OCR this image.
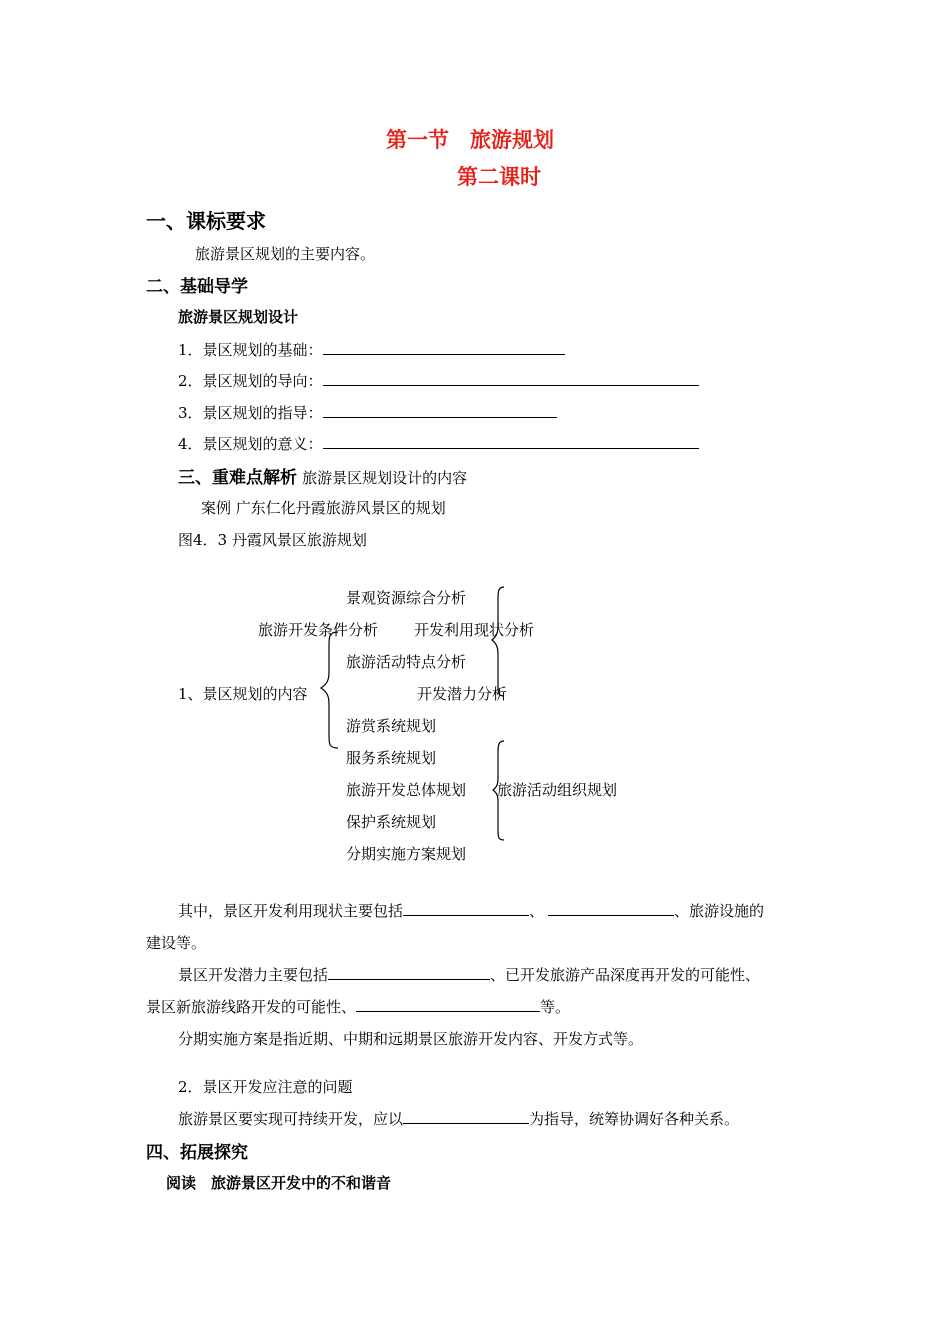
第一节　旅游规划
第二课时
一、课标要求
旅游景区规划的主要内容。
二、基础导学
旅游景区规划设计
1．景区规划的基础：
2．景区规划的导向：
3．景区规划的指导：
4．景区规划的意义：
三、重难点解析 旅游景区规划设计的内容
案例 广东仁化丹霞旅游风景区的规划
图4．3 丹霞风景区旅游规划
景观资源综合分析
旅游开发条件分析 开发利用现状分析
旅游活动特点分析
1、景区规划的内容	开发潜力分析
游赏系统规划
服务系统规划
旅游开发总体规划 旅游活动组织规划
保护系统规划
分期实施方案规划
其中，景区开发利用现状主要包括	、	、旅游设施的
建设等。
景区开发潜力主要包括	、已开发旅游产品深度再开发的可能性、
景区新旅游线路开发的可能性、	等。
分期实施方案是指近期、中期和远期景区旅游开发内容、开发方式等。
2．景区开发应注意的问题
旅游景区要实现可持续开发，应以	为指导，统筹协调好各种关系。
四、拓展探究
阅读　旅游景区开发中的不和谐音
